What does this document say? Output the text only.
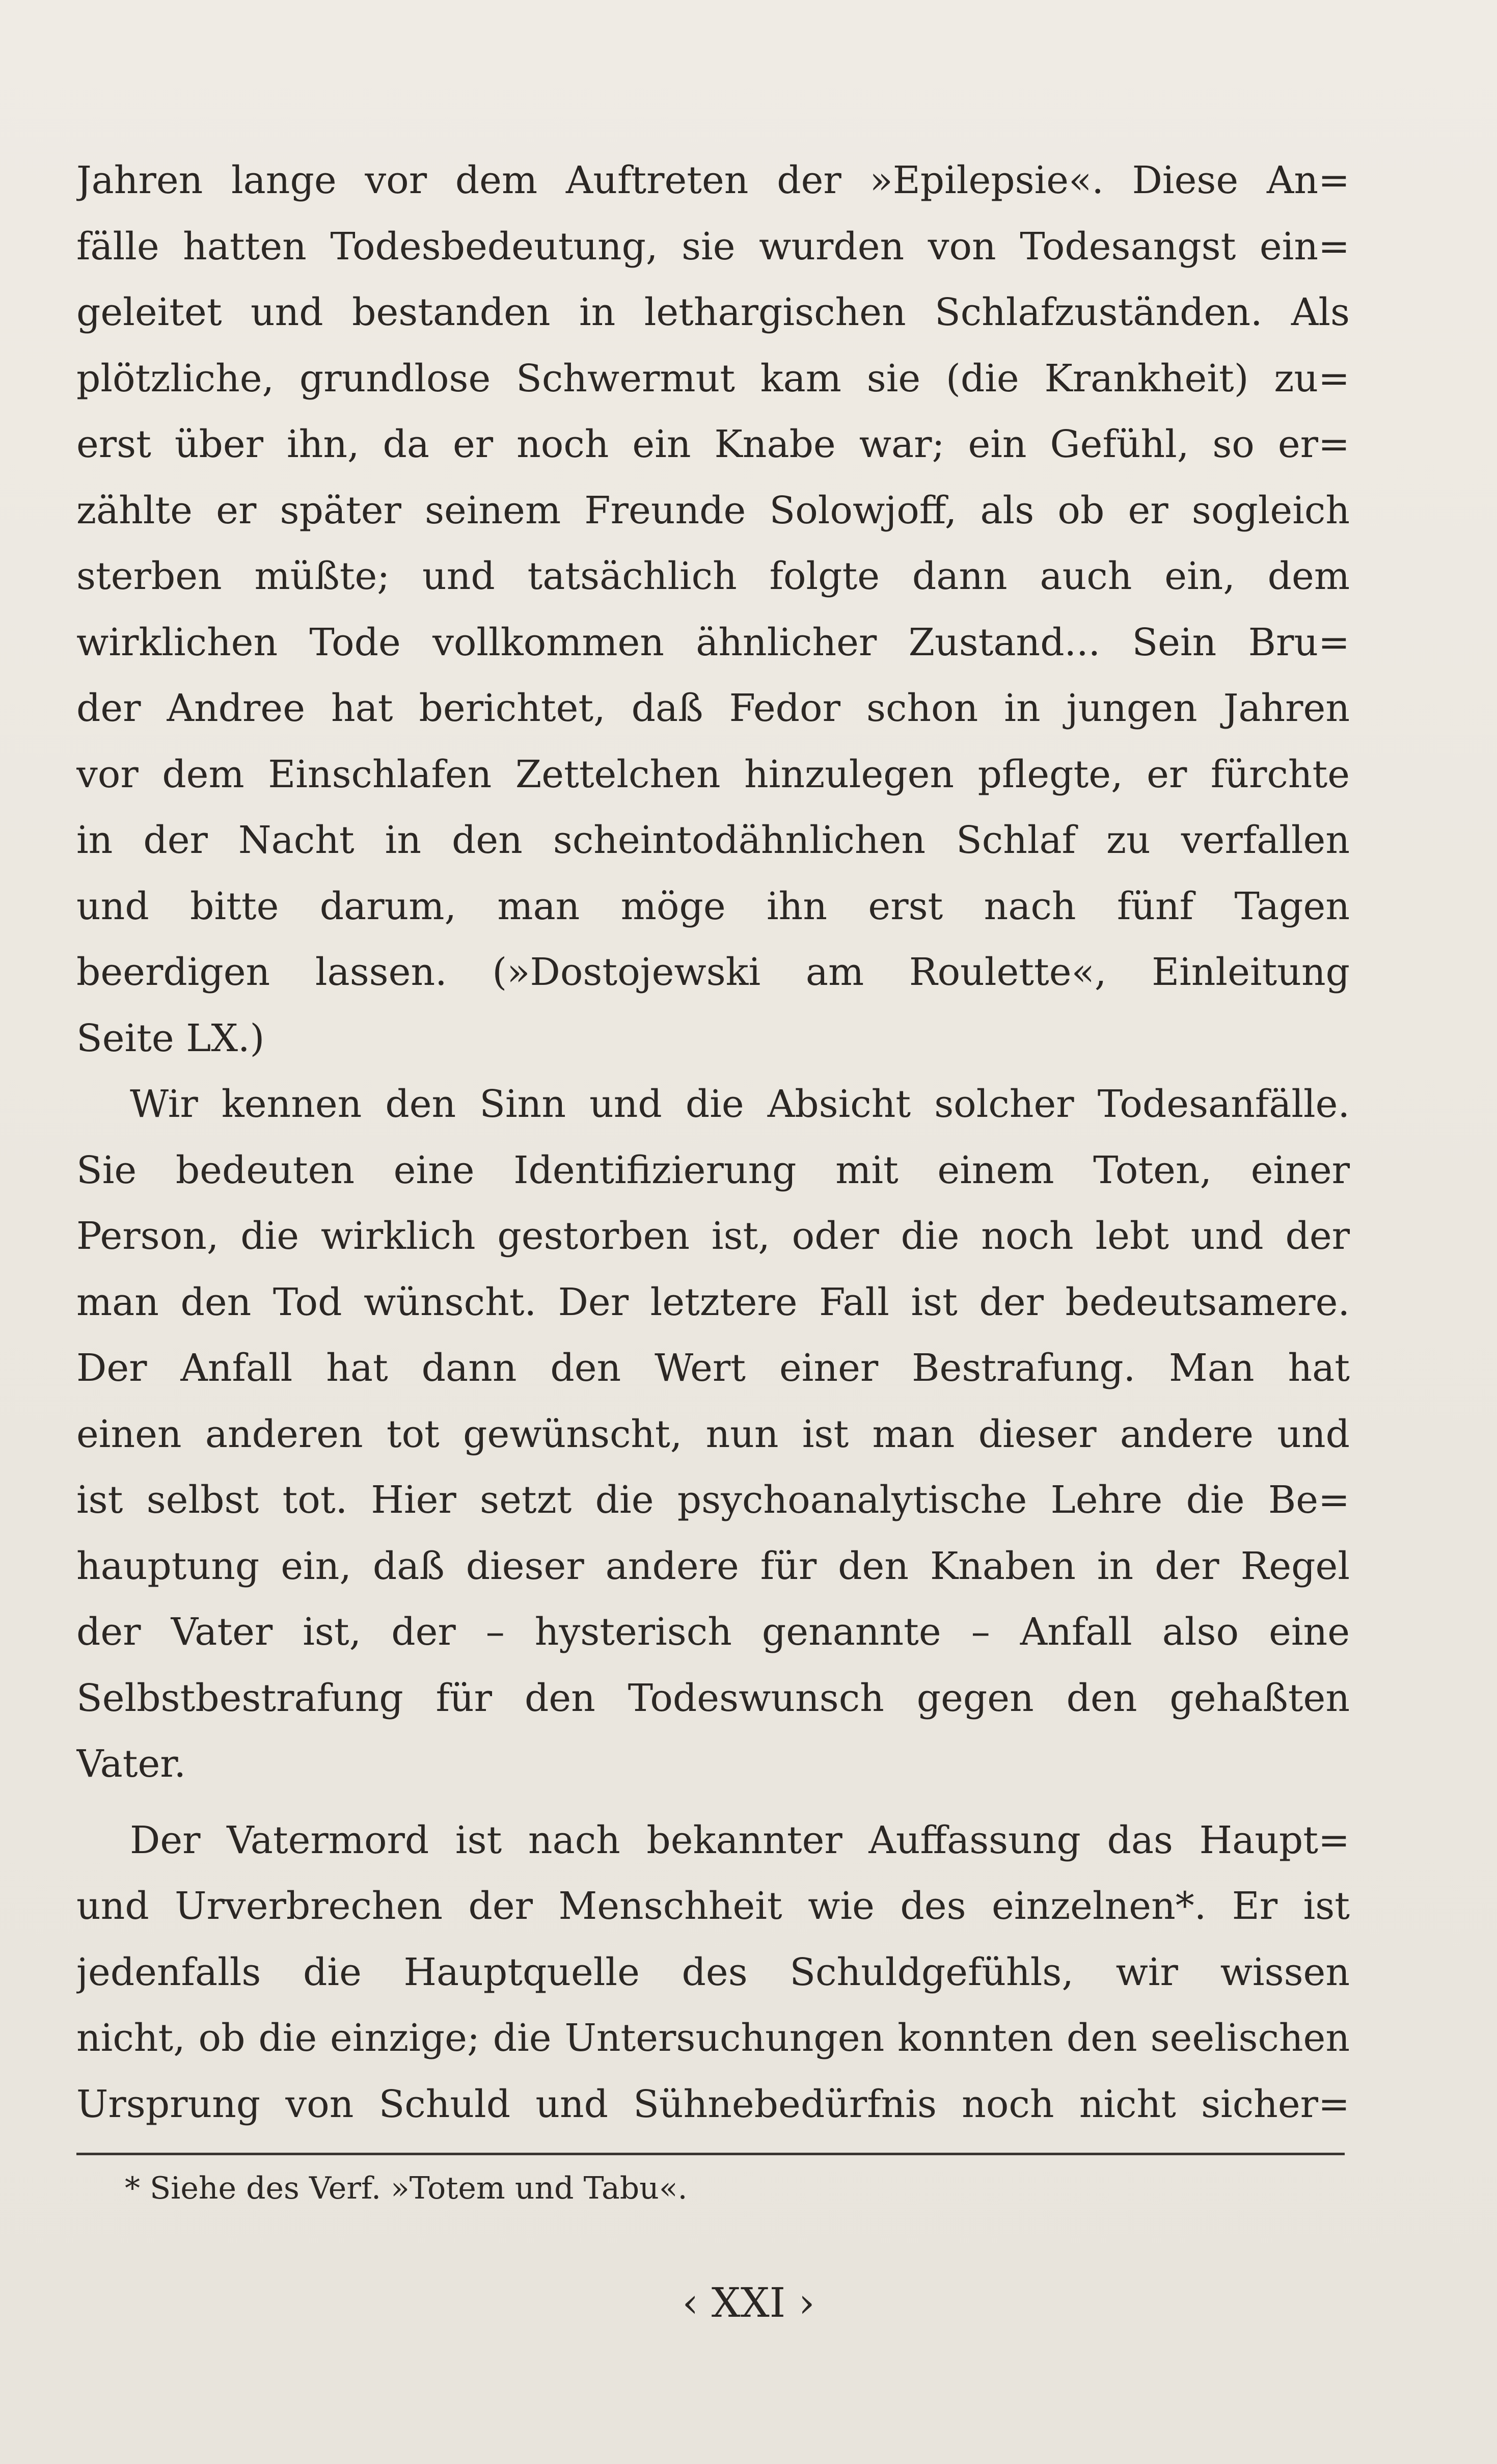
Jahren lange vor dem Auftreten der »Epilepsie«. Diese An=
fälle hatten Todesbedeutung, sie wurden von Todesangst ein=
geleitet und bestanden in lethargischen Schlafzuständen. Als
plötzliche, grundlose Schwermut kam sie (die Krankheit) zu=
erst über ihn, da er noch ein Knabe war; ein Gefühl, so er=
zählte er später seinem Freunde Solowjoff, als ob er sogleich
sterben müßte; und tatsächlich folgte dann auch ein, dem
wirklichen Tode vollkommen ähnlicher Zustand... Sein Bru=
der Andree hat berichtet, daß Fedor schon in jungen Jahren
vor dem Einschlafen Zettelchen hinzulegen pflegte, er fürchte
in der Nacht in den scheintodähnlichen Schlaf zu verfallen
und bitte darum, man möge ihn erst nach fünf Tagen
beerdigen lassen. (»Dostojewski am Roulette«, Einleitung
Seite LX.)
Wir kennen den Sinn und die Absicht solcher Todesanfälle.
Sie bedeuten eine Identifizierung mit einem Toten, einer
Person, die wirklich gestorben ist, oder die noch lebt und der
man den Tod wünscht. Der letztere Fall ist der bedeutsamere.
Der Anfall hat dann den Wert einer Bestrafung. Man hat
einen anderen tot gewünscht, nun ist man dieser andere und
ist selbst tot. Hier setzt die psychoanalytische Lehre die Be=
hauptung ein, daß dieser andere für den Knaben in der Regel
der Vater ist, der – hysterisch genannte – Anfall also eine
Selbstbestrafung für den Todeswunsch gegen den gehaßten
Vater.
Der Vatermord ist nach bekannter Auffassung das Haupt=
und Urverbrechen der Menschheit wie des einzelnen*. Er ist
jedenfalls die Hauptquelle des Schuldgefühls, wir wissen
nicht, ob die einzige; die Untersuchungen konnten den seelischen
Ursprung von Schuld und Sühnebedürfnis noch nicht sicher=
* Siehe des Verf. »Totem und Tabu«.
‹ XXI ›
